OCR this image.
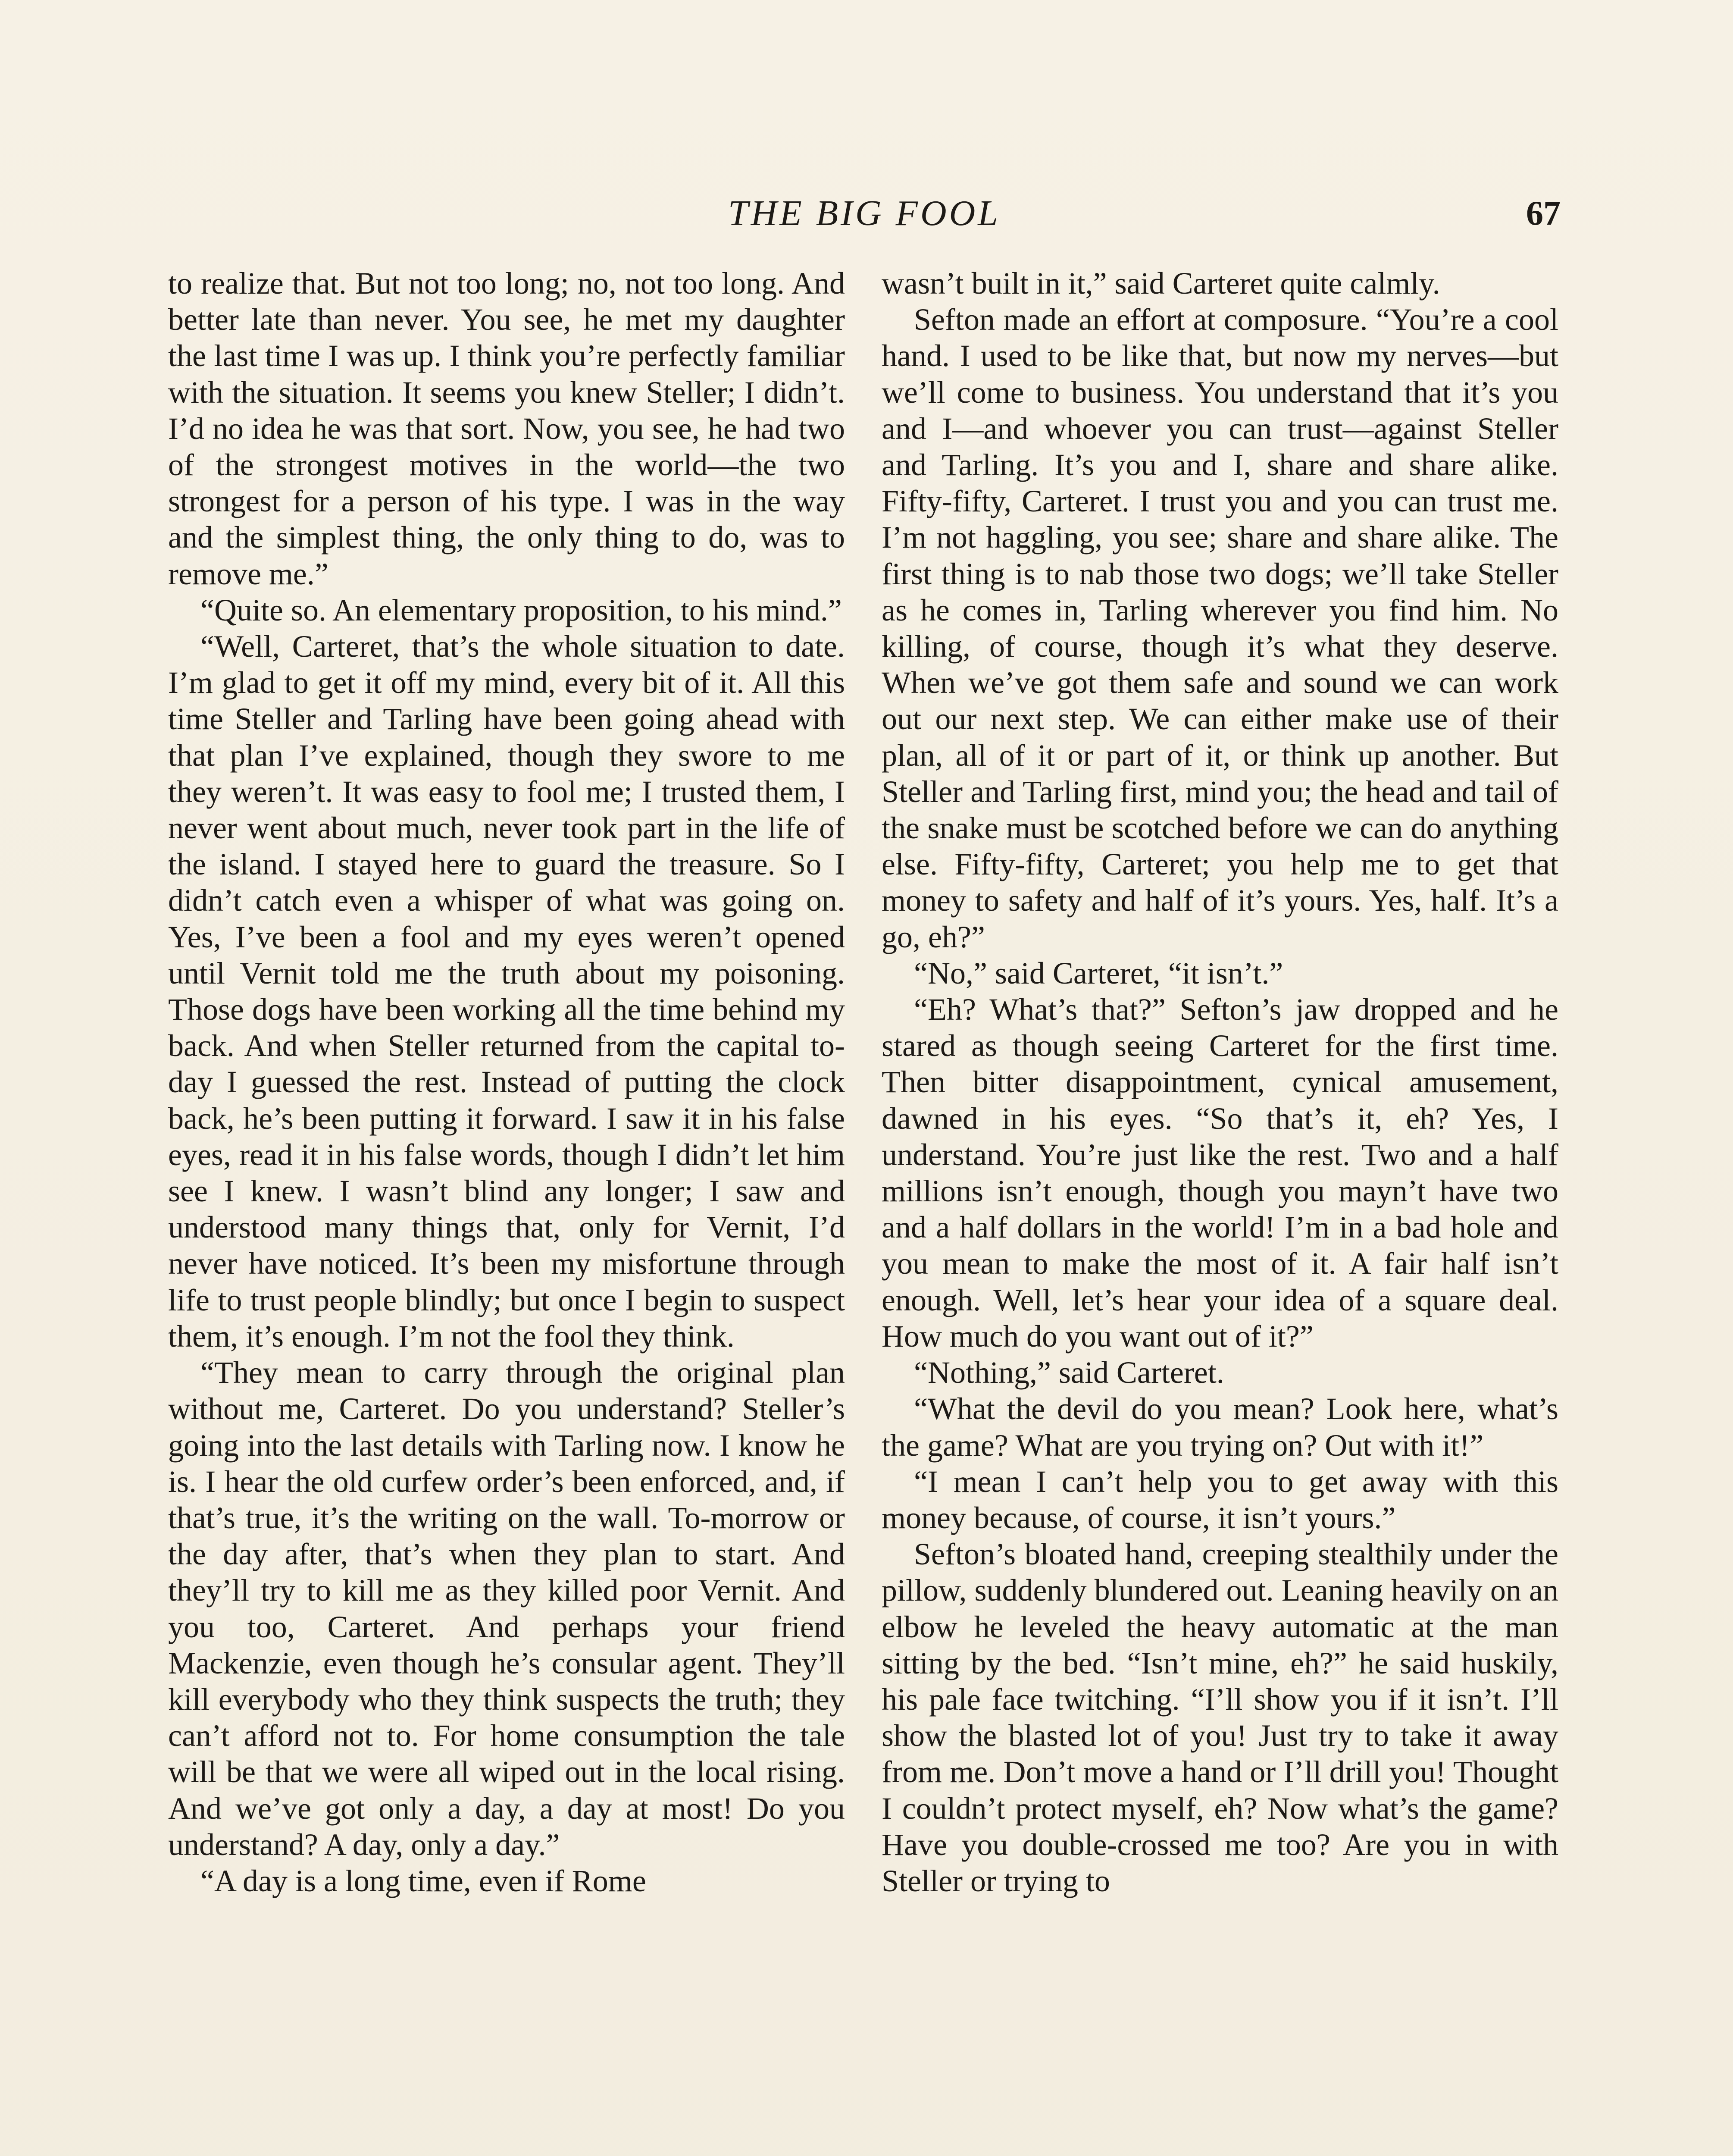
THE BIG FOOL	67

to realize that. But not too long; no, not too long. And better late than never. You see, he met my daughter the last time I was up. I think you’re perfectly familiar with the situation. It seems you knew Steller; I didn’t. I’d no idea he was that sort. Now, you see, he had two of the strongest motives in the world—the two strongest for a person of his type. I was in the way and the simplest thing, the only thing to do, was to remove me.”

“Quite so. An elementary proposition, to his mind.”

“Well, Carteret, that’s the whole situation to date. I’m glad to get it off my mind, every bit of it. All this time Steller and Tarling have been going ahead with that plan I’ve explained, though they swore to me they weren’t. It was easy to fool me; I trusted them, I never went about much, never took part in the life of the island. I stayed here to guard the treasure. So I didn’t catch even a whisper of what was going on. Yes, I’ve been a fool and my eyes weren’t opened until Vernit told me the truth about my poisoning. Those dogs have been working all the time behind my back. And when Steller returned from the capital to-day I guessed the rest. Instead of putting the clock back, he’s been putting it forward. I saw it in his false eyes, read it in his false words, though I didn’t let him see I knew. I wasn’t blind any longer; I saw and understood many things that, only for Vernit, I’d never have noticed. It’s been my misfortune through life to trust people blindly; but once I begin to suspect them, it’s enough. I’m not the fool they think.

“They mean to carry through the original plan without me, Carteret. Do you understand? Steller’s going into the last details with Tarling now. I know he is. I hear the old curfew order’s been enforced, and, if that’s true, it’s the writing on the wall. To-morrow or the day after, that’s when they plan to start. And they’ll try to kill me as they killed poor Vernit. And you too, Carteret. And perhaps your friend Mackenzie, even though he’s consular agent. They’ll kill everybody who they think suspects the truth; they can’t afford not to. For home consumption the tale will be that we were all wiped out in the local rising. And we’ve got only a day, a day at most! Do you understand? A day, only a day.”

“A day is a long time, even if Rome

wasn’t built in it,” said Carteret quite calmly.

Sefton made an effort at composure. “You’re a cool hand. I used to be like that, but now my nerves—but we’ll come to business. You understand that it’s you and I—and whoever you can trust—against Steller and Tarling. It’s you and I, share and share alike. Fifty-fifty, Carteret. I trust you and you can trust me. I’m not haggling, you see; share and share alike. The first thing is to nab those two dogs; we’ll take Steller as he comes in, Tarling wherever you find him. No killing, of course, though it’s what they deserve. When we’ve got them safe and sound we can work out our next step. We can either make use of their plan, all of it or part of it, or think up another. But Steller and Tarling first, mind you; the head and tail of the snake must be scotched before we can do anything else. Fifty-fifty, Carteret; you help me to get that money to safety and half of it’s yours. Yes, half. It’s a go, eh?”

“No,” said Carteret, “it isn’t.”

“Eh? What’s that?” Sefton’s jaw dropped and he stared as though seeing Carteret for the first time. Then bitter disappointment, cynical amusement, dawned in his eyes. “So that’s it, eh? Yes, I understand. You’re just like the rest. Two and a half millions isn’t enough, though you mayn’t have two and a half dollars in the world! I’m in a bad hole and you mean to make the most of it. A fair half isn’t enough. Well, let’s hear your idea of a square deal. How much do you want out of it?”

“Nothing,” said Carteret.

“What the devil do you mean? Look here, what’s the game? What are you trying on? Out with it!”

“I mean I can’t help you to get away with this money because, of course, it isn’t yours.”

Sefton’s bloated hand, creeping stealthily under the pillow, suddenly blundered out. Leaning heavily on an elbow he leveled the heavy automatic at the man sitting by the bed. “Isn’t mine, eh?” he said huskily, his pale face twitching. “I’ll show you if it isn’t. I’ll show the blasted lot of you! Just try to take it away from me. Don’t move a hand or I’ll drill you! Thought I couldn’t protect myself, eh? Now what’s the game? Have you double-crossed me too? Are you in with Steller or trying to
